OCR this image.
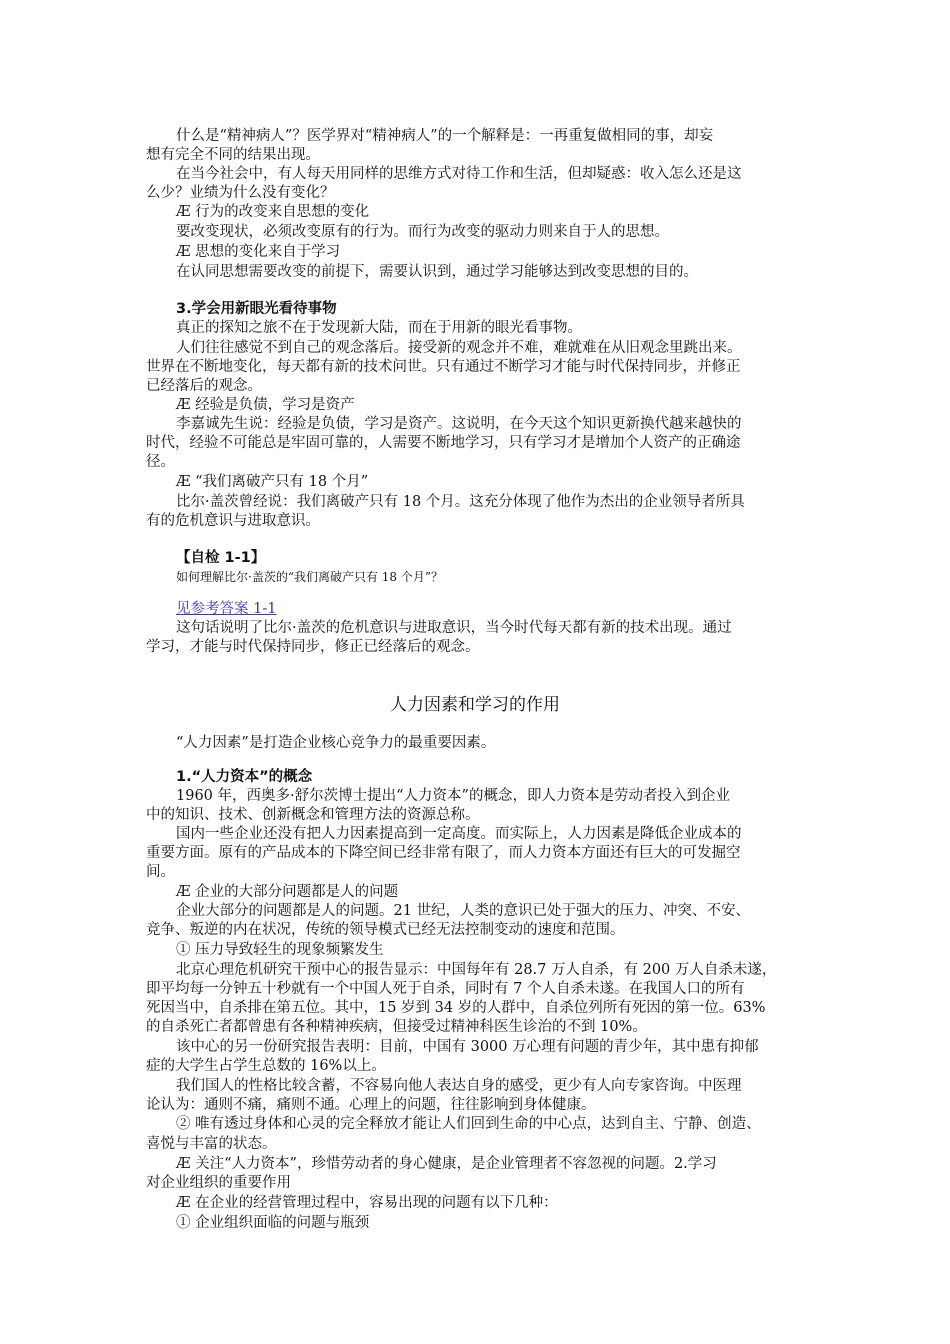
人力因素和学习的作用
什么是“精神病人”？医学界对“精神病人”的一个解释是：一再重复做相同的事，却妄
想有完全不同的结果出现。
在当今社会中，有人每天用同样的思维方式对待工作和生活，但却疑惑：收入怎么还是这
么少？业绩为什么没有变化？
Æ 行为的改变来自思想的变化
要改变现状，必须改变原有的行为。而行为改变的驱动力则来自于人的思想。
Æ 思想的变化来自于学习
在认同思想需要改变的前提下，需要认识到，通过学习能够达到改变思想的目的。
3.学会用新眼光看待事物
真正的探知之旅不在于发现新大陆，而在于用新的眼光看事物。
人们往往感觉不到自己的观念落后。接受新的观念并不难，难就难在从旧观念里跳出来。
世界在不断地变化，每天都有新的技术问世。只有通过不断学习才能与时代保持同步，并修正
已经落后的观念。
Æ 经验是负债，学习是资产
李嘉诚先生说：经验是负债，学习是资产。这说明，在今天这个知识更新换代越来越快的
时代，经验不可能总是牢固可靠的，人需要不断地学习，只有学习才是增加个人资产的正确途
径。
Æ “我们离破产只有 18 个月”
比尔·盖茨曾经说：我们离破产只有 18 个月。这充分体现了他作为杰出的企业领导者所具
有的危机意识与进取意识。
【自检 1-1】
如何理解比尔·盖茨的“我们离破产只有 18 个月”？
见参考答案 1-1
这句话说明了比尔·盖茨的危机意识与进取意识，当今时代每天都有新的技术出现。通过
学习，才能与时代保持同步，修正已经落后的观念。
“人力因素”是打造企业核心竞争力的最重要因素。
1.“人力资本”的概念
1960 年，西奥多·舒尔茨博士提出“人力资本”的概念，即人力资本是劳动者投入到企业
中的知识、技术、创新概念和管理方法的资源总称。
国内一些企业还没有把人力因素提高到一定高度。而实际上，人力因素是降低企业成本的
重要方面。原有的产品成本的下降空间已经非常有限了，而人力资本方面还有巨大的可发掘空
间。
Æ 企业的大部分问题都是人的问题
企业大部分的问题都是人的问题。21 世纪，人类的意识已处于强大的压力、冲突、不安、
竞争、叛逆的内在状况，传统的领导模式已经无法控制变动的速度和范围。
① 压力导致轻生的现象频繁发生
北京心理危机研究干预中心的报告显示：中国每年有 28.7 万人自杀，有 200 万人自杀未遂，
即平均每一分钟五十秒就有一个中国人死于自杀，同时有 7 个人自杀未遂。在我国人口的所有
死因当中，自杀排在第五位。其中，15 岁到 34 岁的人群中，自杀位列所有死因的第一位。63%
的自杀死亡者都曾患有各种精神疾病，但接受过精神科医生诊治的不到 10%。
该中心的另一份研究报告表明：目前，中国有 3000 万心理有问题的青少年，其中患有抑郁
症的大学生占学生总数的 16%以上。
我们国人的性格比较含蓄，不容易向他人表达自身的感受，更少有人向专家咨询。中医理
论认为：通则不痛，痛则不通。心理上的问题，往往影响到身体健康。
② 唯有透过身体和心灵的完全释放才能让人们回到生命的中心点，达到自主、宁静、创造、
喜悦与丰富的状态。
Æ 关注“人力资本”，珍惜劳动者的身心健康，是企业管理者不容忽视的问题。2.学习
对企业组织的重要作用
Æ 在企业的经营管理过程中，容易出现的问题有以下几种：
① 企业组织面临的问题与瓶颈
